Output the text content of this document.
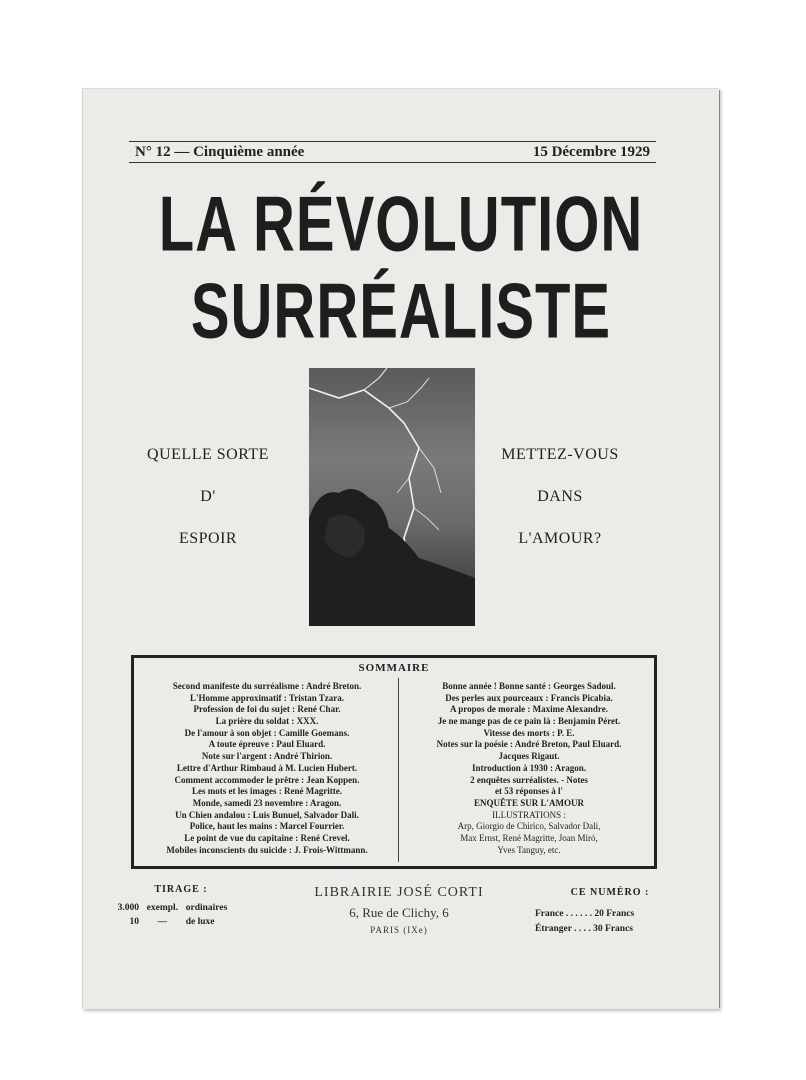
N° 12 — Cinquième année	15 Décembre 1929
LA RÉVOLUTION
SURRÉALISTE
QUELLE SORTE
D'
ESPOIR
METTEZ-VOUS
DANS
L'AMOUR?
SOMMAIRE
Second manifeste du surréalisme : André Breton.
L'Homme approximatif : Tristan Tzara.
Profession de foi du sujet : René Char.
La prière du soldat : XXX.
De l'amour à son objet : Camille Goemans.
A toute épreuve : Paul Eluard.
Note sur l'argent : André Thirion.
Lettre d'Arthur Rimbaud à M. Lucien Hubert.
Comment accommoder le prêtre : Jean Koppen.
Les mots et les images : René Magritte.
Monde, samedi 23 novembre : Aragon.
Un Chien andalou : Luis Bunuel, Salvador Dali.
Police, haut les mains : Marcel Fourrier.
Le point de vue du capitaine : René Crevel.
Mobiles inconscients du suicide : J. Frois-Wittmann.
Bonne année ! Bonne santé : Georges Sadoul.
Des perles aux pourceaux : Francis Picabia.
A propos de morale : Maxime Alexandre.
Je ne mange pas de ce pain là : Benjamin Péret.
Vitesse des morts : P. E.
Notes sur la poésie : André Breton, Paul Eluard.
Jacques Rigaut.
Introduction à 1930 : Aragon.
2 enquêtes surréalistes. - Notes
et 53 réponses à l'
ENQUÊTE SUR L'AMOUR
ILLUSTRATIONS :
Arp, Giorgio de Chirico, Salvador Dali,
Max Ernst, René Magritte, Joan Miró,
Yves Tanguy, etc.
TIRAGE :
3.000 exempl. ordinaires
10 — de luxe
LIBRAIRIE JOSÉ CORTI
6, Rue de Clichy, 6
PARIS (IXe)
CE NUMÉRO :
France . . . . . . 20 Francs
Étranger . . . . 30 Francs
